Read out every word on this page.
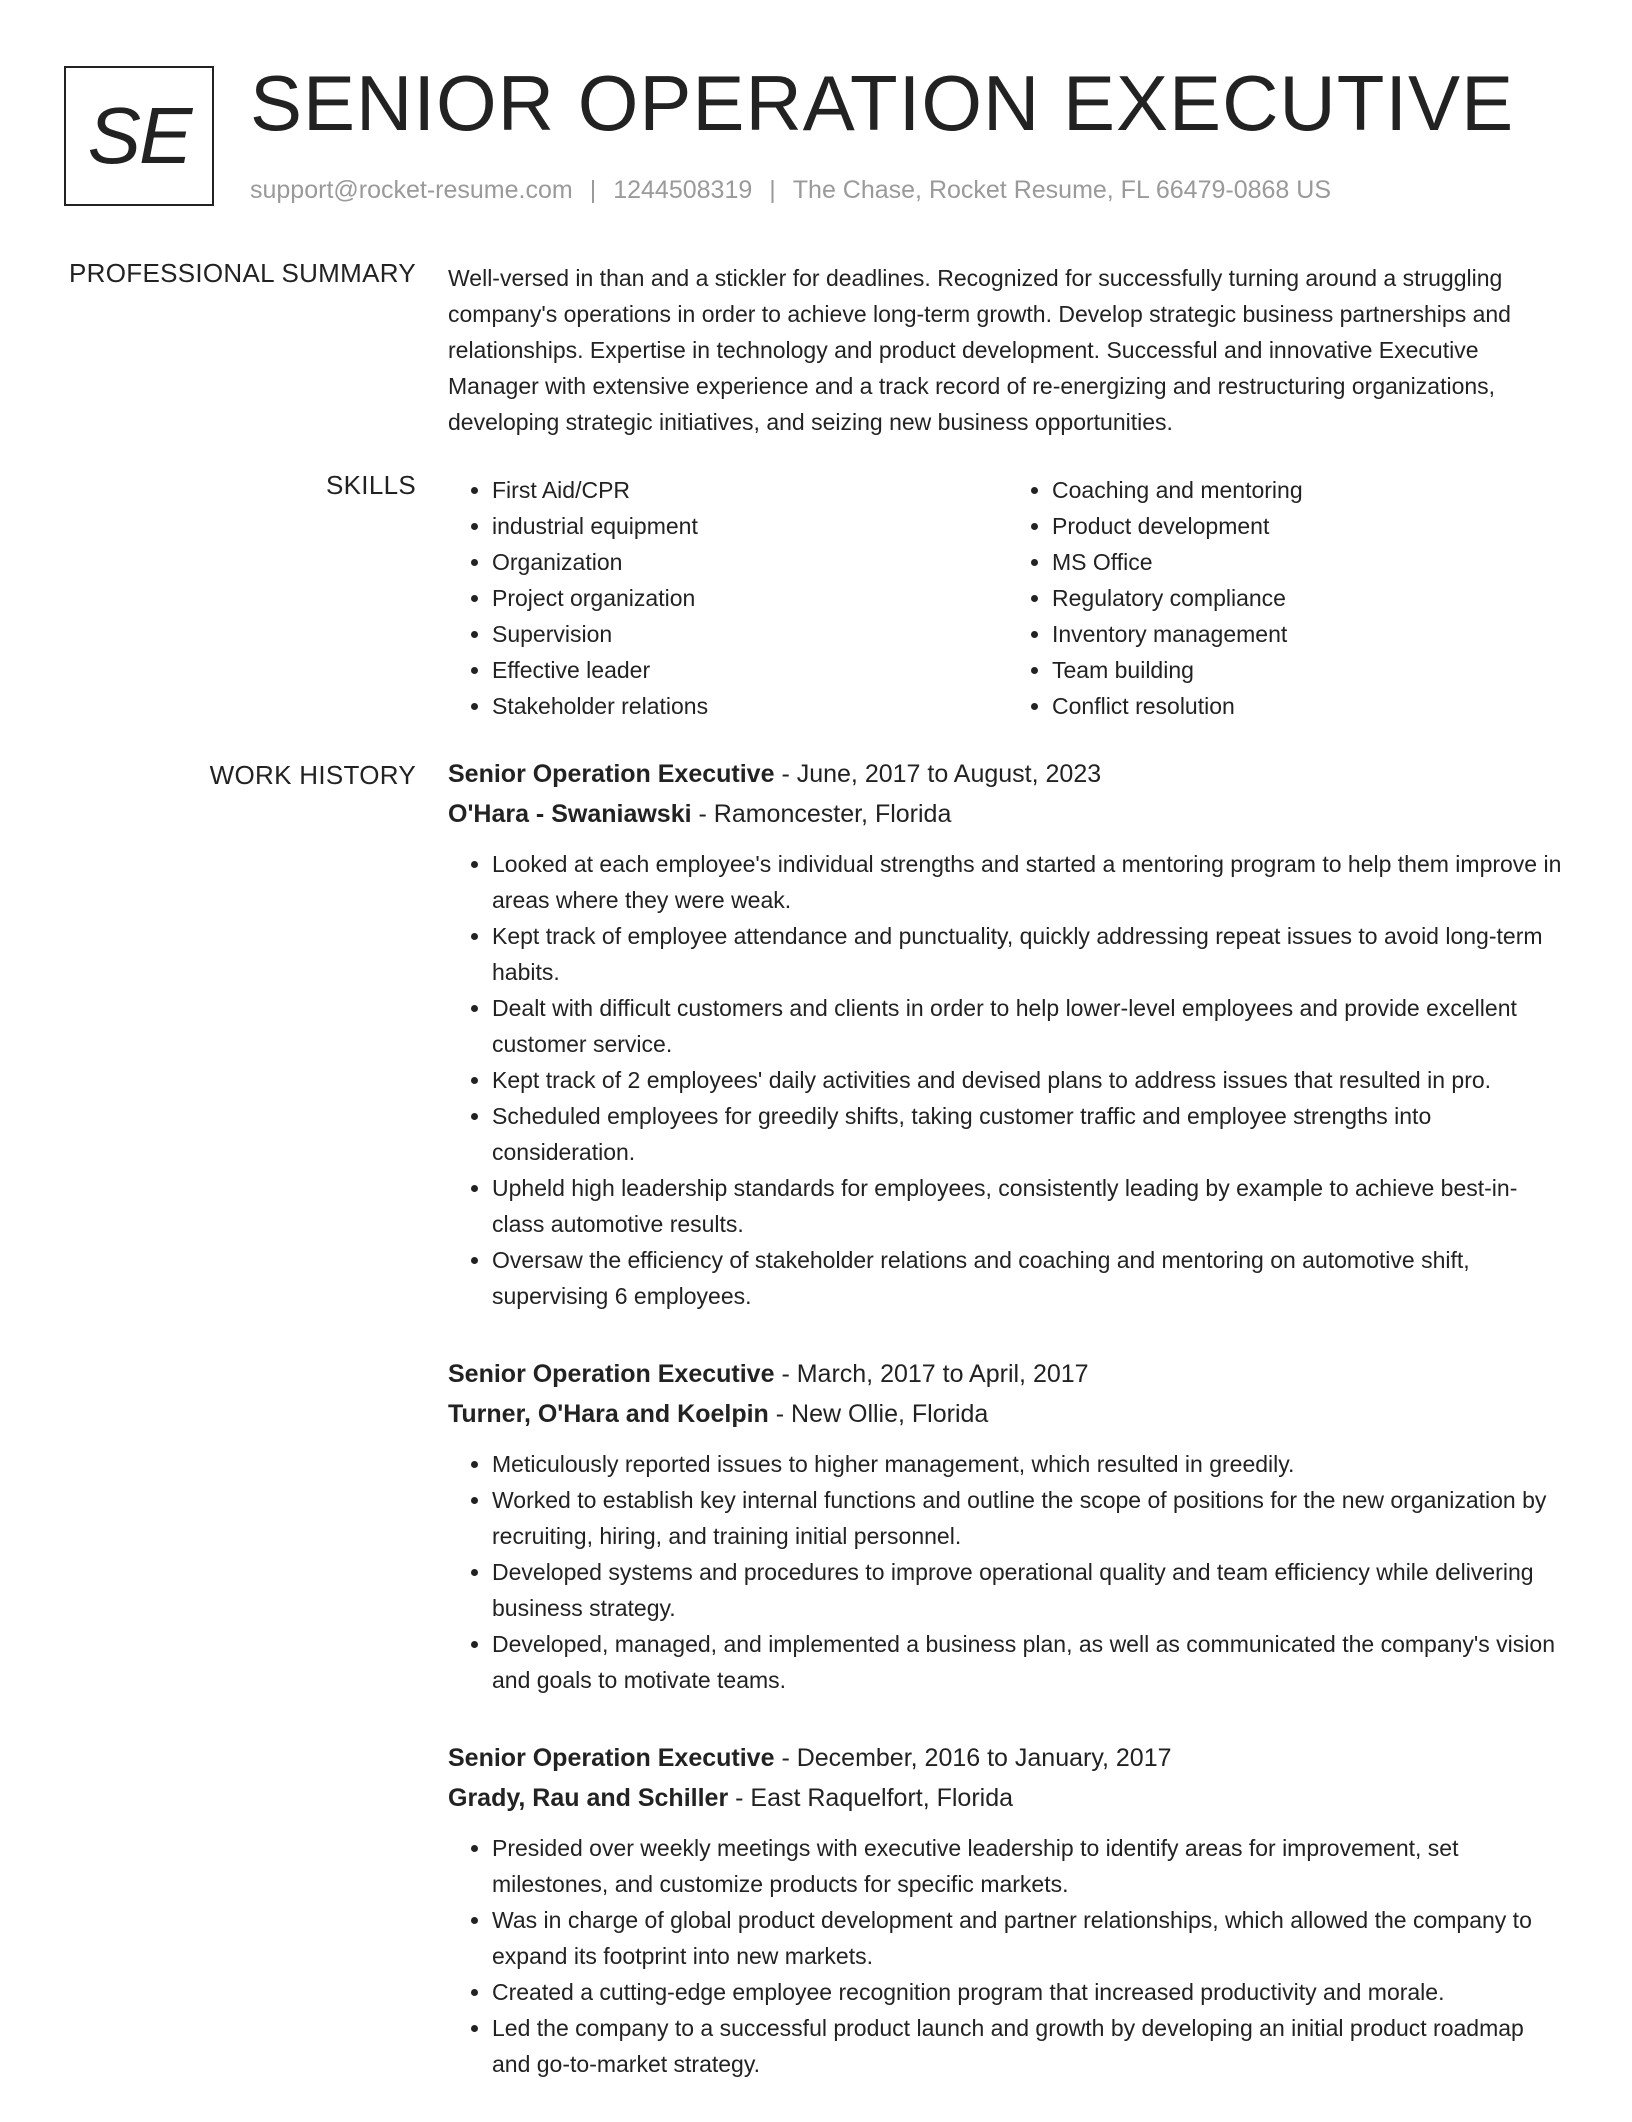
SE SENIOR OPERATION EXECUTIVE
support@rocket-resume.com | 1244508319 | The Chase, Rocket Resume, FL 66479-0868 US
PROFESSIONAL SUMMARY Well-versed in than and a stickler for deadlines. Recognized for successfully turning around a struggling company's operations in order to achieve long-term growth. Develop strategic business partnerships and relationships. Expertise in technology and product development. Successful and innovative Executive Manager with extensive experience and a track record of re-energizing and restructuring organizations, developing strategic initiatives, and seizing new business opportunities.
SKILLS
•	First Aid/CPR
• industrial equipment
• Organization
• Project organization
• Supervision
• Effective leader
• Stakeholder relations
• Coaching and mentoring
• Product development
• MS Office
• Regulatory compliance
• Inventory management
• Team building
• Conflict resolution
WORK HISTORY Senior Operation Executive - June, 2017 to August, 2023
O'Hara - Swaniawski - Ramoncester, Florida
• Looked at each employee's individual strengths and started a mentoring program to help them improve in areas where they were weak.
• Kept track of employee attendance and punctuality, quickly addressing repeat issues to avoid long-term habits.
• Dealt with difficult customers and clients in order to help lower-level employees and provide excellent customer service.
• Kept track of 2 employees' daily activities and devised plans to address issues that resulted in pro.
• Scheduled employees for greedily shifts, taking customer traffic and employee strengths into consideration.
• Upheld high leadership standards for employees, consistently leading by example to achieve best-in-class automotive results.
• Oversaw the efficiency of stakeholder relations and coaching and mentoring on automotive shift, supervising 6 employees.
Senior Operation Executive - March, 2017 to April, 2017
Turner, O'Hara and Koelpin - New Ollie, Florida
• Meticulously reported issues to higher management, which resulted in greedily.
• Worked to establish key internal functions and outline the scope of positions for the new organization by recruiting, hiring, and training initial personnel.
• Developed systems and procedures to improve operational quality and team efficiency while delivering business strategy.
• Developed, managed, and implemented a business plan, as well as communicated the company's vision and goals to motivate teams.
Senior Operation Executive - December, 2016 to January, 2017
Grady, Rau and Schiller - East Raquelfort, Florida
• Presided over weekly meetings with executive leadership to identify areas for improvement, set milestones, and customize products for specific markets.
• Was in charge of global product development and partner relationships, which allowed the company to expand its footprint into new markets.
• Created a cutting-edge employee recognition program that increased productivity and morale.
• Led the company to a successful product launch and growth by developing an initial product roadmap and go-to-market strategy.
